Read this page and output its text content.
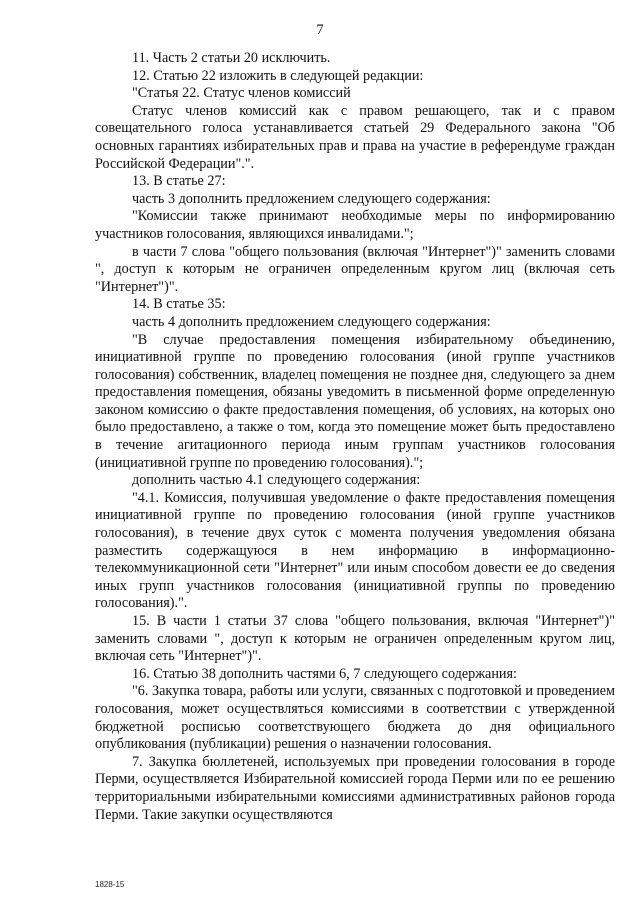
7

11. Часть 2 статьи 20 исключить.

12. Статью 22 изложить в следующей редакции:

"Статья 22. Статус членов комиссий

Статус членов комиссий как с правом решающего, так и с правом совещательного голоса устанавливается статьей 29 Федерального закона "Об основных гарантиях избирательных прав и права на участие в референдуме граждан Российской Федерации".".

13. В статье 27:

часть 3 дополнить предложением следующего содержания:

"Комиссии также принимают необходимые меры по информированию участников голосования, являющихся инвалидами.";

в части 7 слова "общего пользования (включая "Интернет")" заменить словами ", доступ к которым не ограничен определенным кругом лиц (включая сеть "Интернет")".

14. В статье 35:

часть 4 дополнить предложением следующего содержания:

"В случае предоставления помещения избирательному объединению, инициативной группе по проведению голосования (иной группе участников голосования) собственник, владелец помещения не позднее дня, следующего за днем предоставления помещения, обязаны уведомить в письменной форме определенную законом комиссию о факте предоставления помещения, об условиях, на которых оно было предоставлено, а также о том, когда это помещение может быть предоставлено в течение агитационного периода иным группам участников голосования (инициативной группе по проведению голосования).";

дополнить частью 4.1 следующего содержания:

"4.1. Комиссия, получившая уведомление о факте предоставления помещения инициативной группе по проведению голосования (иной группе участников голосования), в течение двух суток с момента получения уведомления обязана разместить содержащуюся в нем информацию в информационно-телекоммуникационной сети "Интернет" или иным способом довести ее до сведения иных групп участников голосования (инициативной группы по проведению голосования).".

15. В части 1 статьи 37 слова "общего пользования, включая "Интернет")" заменить словами ", доступ к которым не ограничен определенным кругом лиц, включая сеть "Интернет")".

16. Статью 38 дополнить частями 6, 7 следующего содержания:

"6. Закупка товара, работы или услуги, связанных с подготовкой и проведением голосования, может осуществляться комиссиями в соответствии с утвержденной бюджетной росписью соответствующего бюджета до дня официального опубликования (публикации) решения о назначении голосования.

7. Закупка бюллетеней, используемых при проведении голосования в городе Перми, осуществляется Избирательной комиссией города Перми или по ее решению территориальными избирательными комиссиями административных районов города Перми. Такие закупки осуществляются

1828-15
